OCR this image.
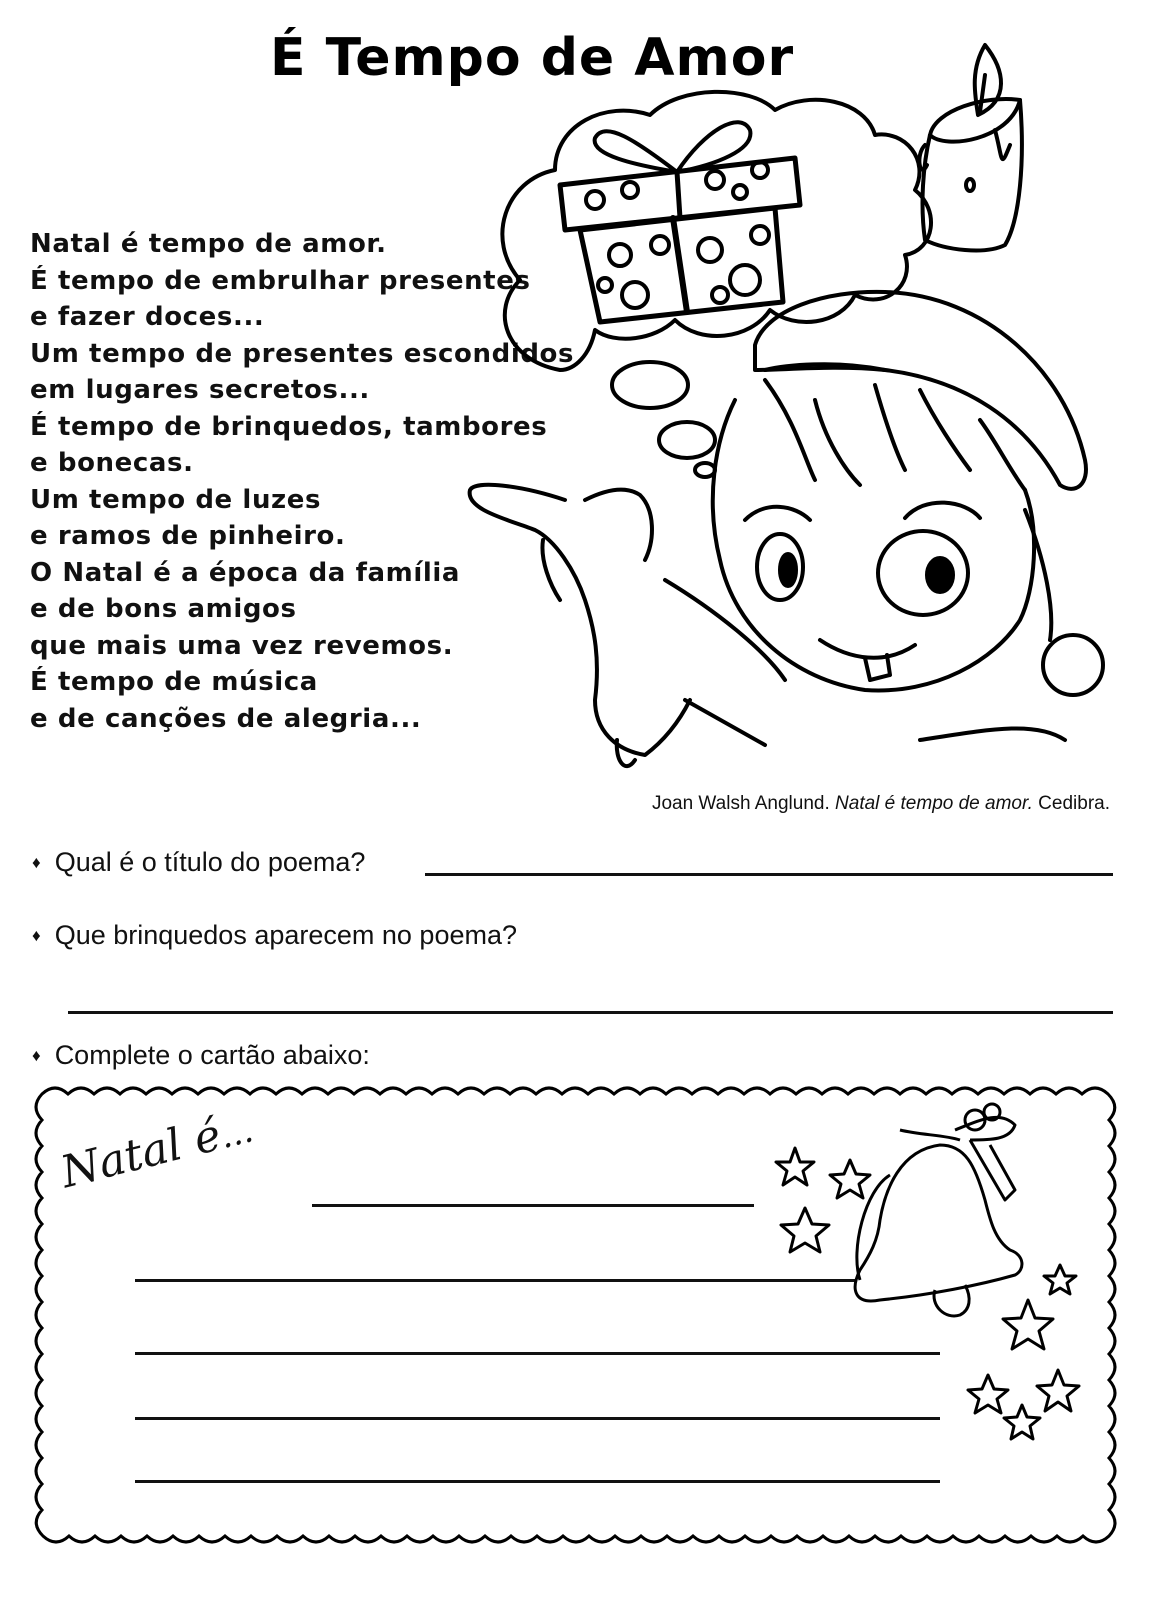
É Tempo de Amor
Natal é tempo de amor.
É tempo de embrulhar presentes
e fazer doces...
Um tempo de presentes escondidos
em lugares secretos...
É tempo de brinquedos, tambores
e bonecas.
Um tempo de luzes
e ramos de pinheiro.
O Natal é a época da família
e de bons amigos
que mais uma vez revemos.
É tempo de música
e de canções de alegria...
Joan Walsh Anglund. Natal é tempo de amor. Cedibra.
♦ Qual é o título do poema?
♦ Que brinquedos aparecem no poema?
♦ Complete o cartão abaixo:
Natal é...
